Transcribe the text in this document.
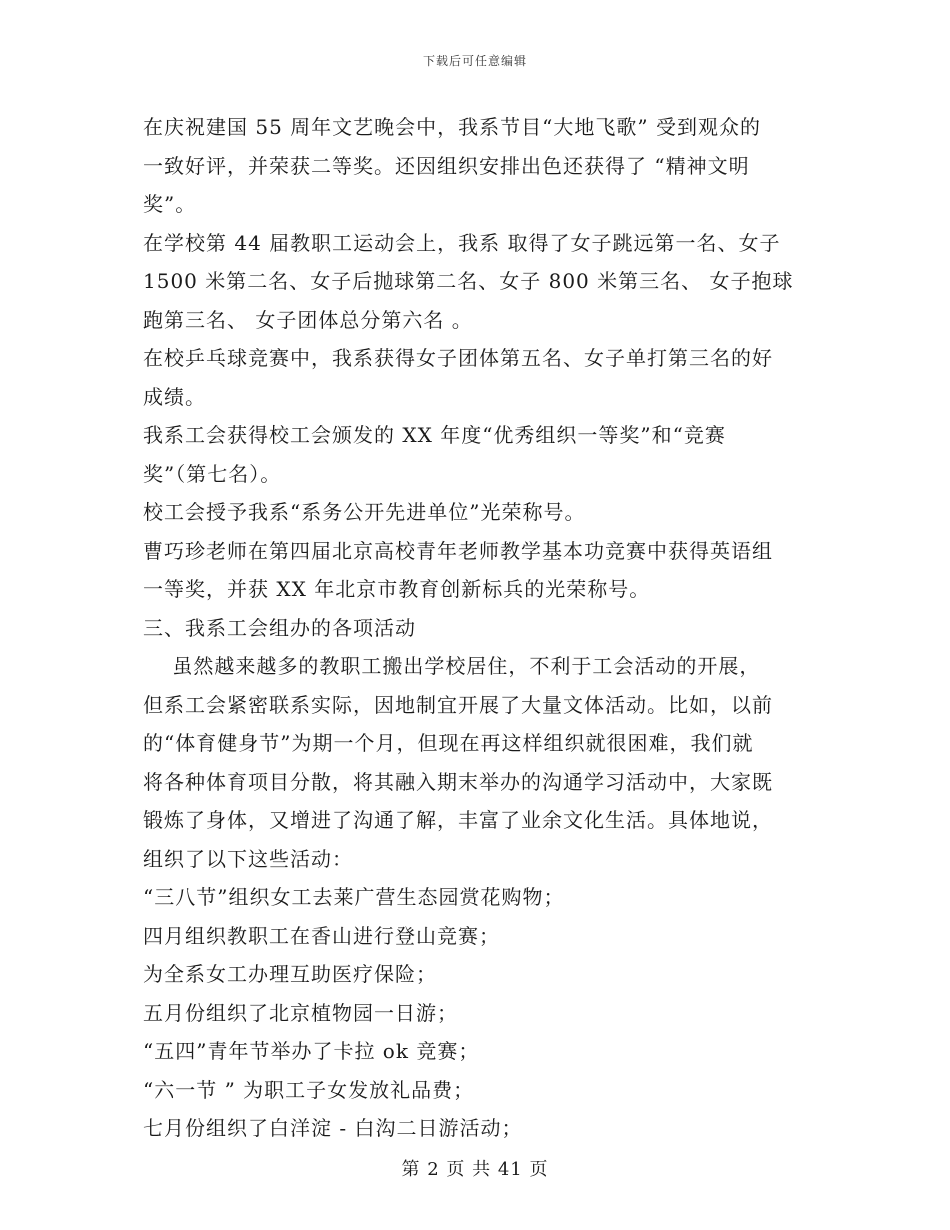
下载后可任意编辑
在庆祝建国 55 周年文艺晚会中，我系节目“大地飞歌” 受到观众的
一致好评，并荣获二等奖。还因组织安排出色还获得了 “精神文明
奖”。
在学校第 44 届教职工运动会上，我系 取得了女子跳远第一名、女子
1500 米第二名、女子后抛球第二名、女子 800 米第三名、 女子抱球
跑第三名、 女子团体总分第六名 。
在校乒乓球竞赛中，我系获得女子团体第五名、女子单打第三名的好
成绩。
我系工会获得校工会颁发的 XX 年度“优秀组织一等奖”和“竞赛
奖”（第七名）。
校工会授予我系“系务公开先进单位”光荣称号。
曹巧珍老师在第四届北京高校青年老师教学基本功竞赛中获得英语组
一等奖，并获 XX 年北京市教育创新标兵的光荣称号。
三、我系工会组办的各项活动
虽然越来越多的教职工搬出学校居住，不利于工会活动的开展，
但系工会紧密联系实际，因地制宜开展了大量文体活动。比如，以前
的“体育健身节”为期一个月，但现在再这样组织就很困难，我们就
将各种体育项目分散，将其融入期末举办的沟通学习活动中，大家既
锻炼了身体，又增进了沟通了解，丰富了业余文化生活。具体地说，
组织了以下这些活动：
“三八节”组织女工去莱广营生态园赏花购物；
四月组织教职工在香山进行登山竞赛；
为全系女工办理互助医疗保险；
五月份组织了北京植物园一日游；
“五四”青年节举办了卡拉 ok 竞赛；
“六一节 ” 为职工子女发放礼品费；
七月份组织了白洋淀 - 白沟二日游活动；
第 2 页 共 41 页
